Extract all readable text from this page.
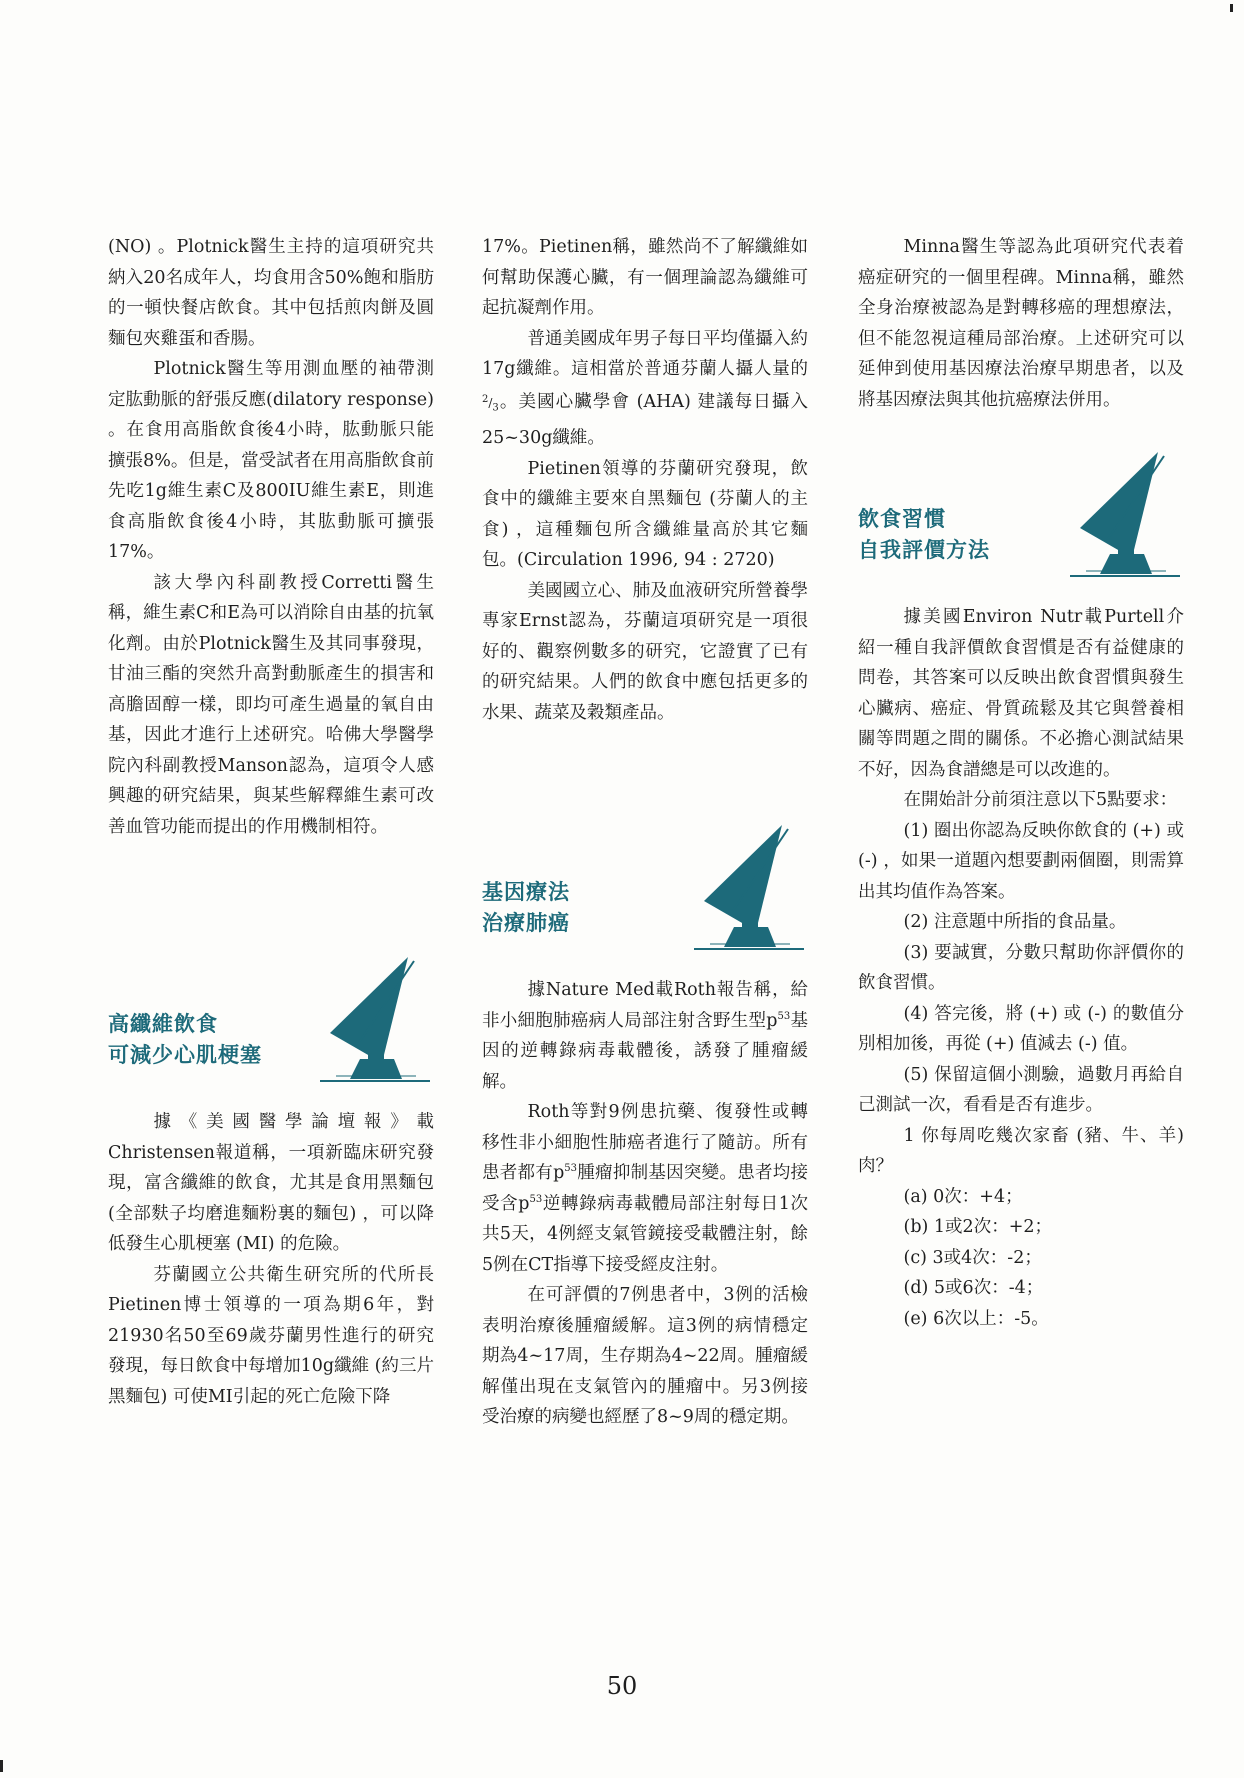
(NO) 。Plotnick醫生主持的這項研究共納入20名成年人，均食用含50%飽和脂肪的一頓快餐店飲食。其中包括煎肉餅及圓麵包夾雞蛋和香腸。

Plotnick醫生等用測血壓的袖帶測定肱動脈的舒張反應(dilatory response) 。在食用高脂飲食後4小時，肱動脈只能擴張8%。但是，當受試者在用高脂飲食前先吃1g維生素C及800IU維生素E，則進食高脂飲食後4小時，其肱動脈可擴張17%。

該大學內科副教授Corretti醫生稱，維生素C和E為可以消除自由基的抗氧化劑。由於Plotnick醫生及其同事發現，甘油三酯的突然升高對動脈產生的損害和高膽固醇一樣，即均可產生過量的氧自由基，因此才進行上述研究。哈佛大學醫學院內科副教授Manson認為，這項令人感興趣的研究結果，與某些解釋維生素可改善血管功能而提出的作用機制相符。

高纖維飲食
可減少心肌梗塞

據《美國醫學論壇報》載Christensen報道稱，一項新臨床研究發現，富含纖維的飲食，尤其是食用黑麵包 (全部麩子均磨進麵粉裏的麵包) ，可以降低發生心肌梗塞 (MI) 的危險。

芬蘭國立公共衛生研究所的代所長Pietinen博士領導的一項為期6年，對21930名50至69歲芬蘭男性進行的研究發現，每日飲食中每增加10g纖維 (約三片黑麵包) 可使MI引起的死亡危險下降

17%。Pietinen稱，雖然尚不了解纖維如何幫助保護心臟，有一個理論認為纖維可起抗凝劑作用。

普通美國成年男子每日平均僅攝入約17g纖維。這相當於普通芬蘭人攝人量的$^2/_3$。美國心臟學會 (AHA) 建議每日攝入25~30g纖維。

Pietinen領導的芬蘭研究發現，飲食中的纖維主要來自黑麵包 (芬蘭人的主食) ，這種麵包所含纖維量高於其它麵包。(Circulation 1996, 94 : 2720)

美國國立心、肺及血液研究所營養學專家Ernst認為，芬蘭這項研究是一項很好的、觀察例數多的研究，它證實了已有的研究結果。人們的飲食中應包括更多的水果、蔬菜及穀類產品。

基因療法
治療肺癌

據Nature Med載Roth報告稱，給非小細胞肺癌病人局部注射含野生型$p^{53}$基因的逆轉錄病毒載體後，誘發了腫瘤緩解。

Roth等對9例患抗藥、復發性或轉移性非小細胞性肺癌者進行了隨訪。所有患者都有$p^{53}$腫瘤抑制基因突變。患者均接受含$p^{53}$逆轉錄病毒載體局部注射每日1次共5天，4例經支氣管鏡接受載體注射，餘5例在CT指導下接受經皮注射。

在可評價的7例患者中，3例的活檢表明治療後腫瘤緩解。這3例的病情穩定期為4~17周，生存期為4~22周。腫瘤緩解僅出現在支氣管內的腫瘤中。另3例接受治療的病變也經歷了8~9周的穩定期。

Minna醫生等認為此項研究代表着癌症研究的一個里程碑。Minna稱，雖然全身治療被認為是對轉移癌的理想療法，但不能忽視這種局部治療。上述研究可以延伸到使用基因療法治療早期患者，以及將基因療法與其他抗癌療法併用。

飲食習慣
自我評價方法

據美國Environ Nutr載Purtell介紹一種自我評價飲食習慣是否有益健康的問卷，其答案可以反映出飲食習慣與發生心臟病、癌症、骨質疏鬆及其它與營養相關等問題之間的關係。不必擔心測試結果不好，因為食譜總是可以改進的。

在開始計分前須注意以下5點要求：

(1) 圈出你認為反映你飲食的 (+) 或 (-) ，如果一道題內想要劃兩個圈，則需算出其均值作為答案。

(2) 注意題中所指的食品量。

(3) 要誠實，分數只幫助你評價你的飲食習慣。

(4) 答完後，將 (+) 或 (-) 的數值分別相加後，再從 (+) 值減去 (-) 值。

(5) 保留這個小測驗，過數月再給自己測試一次，看看是否有進步。

1 你每周吃幾次家畜 (豬、牛、羊) 肉？

(a) 0次：+4；

(b) 1或2次：+2；

(c) 3或4次：-2；

(d) 5或6次：-4；

(e) 6次以上：-5。

50
